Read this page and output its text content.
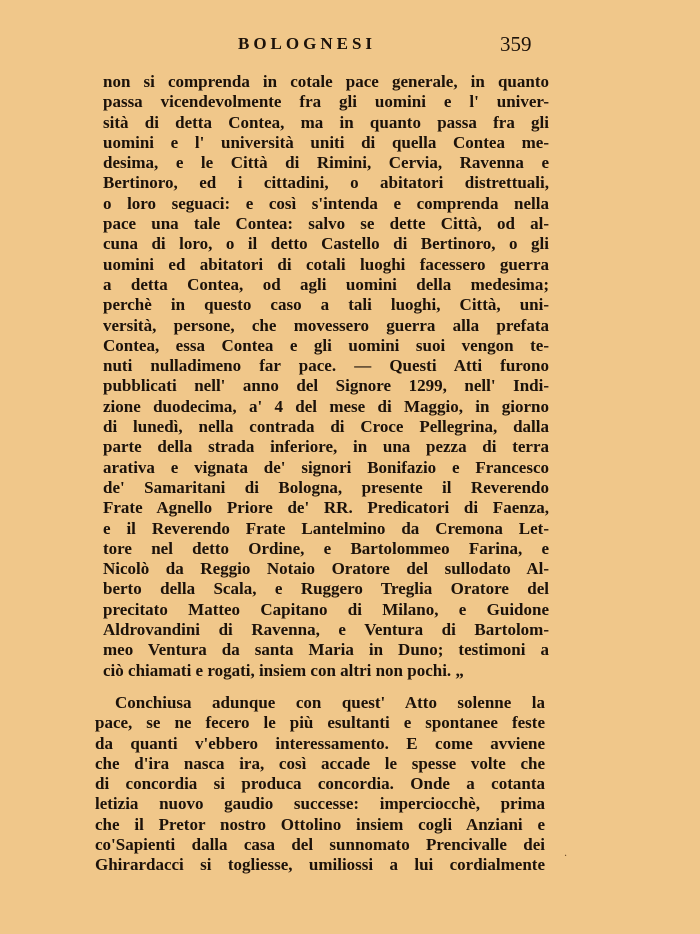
BOLOGNESI	359
non si comprenda in cotale pace generale, in quanto
passa vicendevolmente fra gli uomini e l' univer-
sità di detta Contea, ma in quanto passa fra gli
uomini e l' università uniti di quella Contea me-
desima, e le Città di Rimini, Cervia, Ravenna e
Bertinoro, ed i cittadini, o abitatori distrettuali,
o loro seguaci: e così s'intenda e comprenda nella
pace una tale Contea: salvo se dette Città, od al-
cuna di loro, o il detto Castello di Bertinoro, o gli
uomini ed abitatori di cotali luoghi facessero guerra
a detta Contea, od agli uomini della medesima;
perchè in questo caso a tali luoghi, Città, uni-
versità, persone, che movessero guerra alla prefata
Contea, essa Contea e gli uomini suoi vengon te-
nuti nulladimeno far pace. — Questi Atti furono
pubblicati nell' anno del Signore 1299, nell' Indi-
zione duodecima, a' 4 del mese di Maggio, in giorno
di lunedì, nella contrada di Croce Pellegrina, dalla
parte della strada inferiore, in una pezza di terra
arativa e vignata de' signori Bonifazio e Francesco
de' Samaritani di Bologna, presente il Reverendo
Frate Agnello Priore de' RR. Predicatori di Faenza,
e il Reverendo Frate Lantelmino da Cremona Let-
tore nel detto Ordine, e Bartolommeo Farina, e
Nicolò da Reggio Notaio Oratore del sullodato Al-
berto della Scala, e Ruggero Treglia Oratore del
precitato Matteo Capitano di Milano, e Guidone
Aldrovandini di Ravenna, e Ventura di Bartolom-
meo Ventura da santa Maria in Duno; testimoni a
ciò chiamati e rogati, insiem con altri non pochi. „
Conchiusa adunque con quest' Atto solenne la
pace, se ne fecero le più esultanti e spontanee feste
da quanti v'ebbero interessamento. E come avviene
che d'ira nasca ira, così accade le spesse volte che
di concordia si produca concordia. Onde a cotanta
letizia nuovo gaudio successe: imperciocchè, prima
che il Pretor nostro Ottolino insiem cogli Anziani e
co'Sapienti dalla casa del sunnomato Prencivalle dei
Ghirardacci si togliesse, umiliossi a lui cordialmente ·
